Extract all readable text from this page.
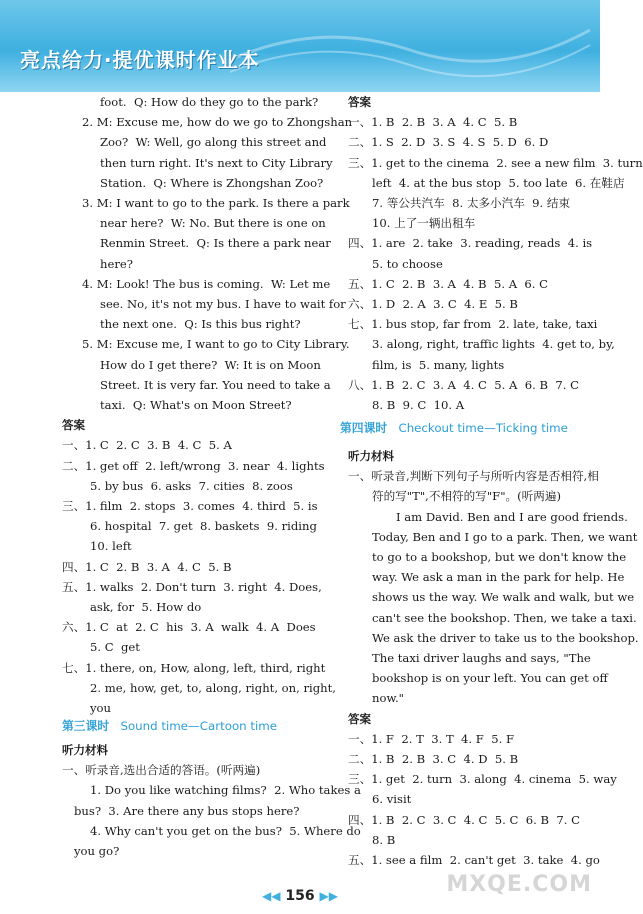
亮点给力·提优课时作业本
foot.  Q: How do they go to the park?
2. M: Excuse me, how do we go to Zhongshan
Zoo?  W: Well, go along this street and
then turn right. It's next to City Library
Station.  Q: Where is Zhongshan Zoo?
3. M: I want to go to the park. Is there a park
near here?  W: No. But there is one on
Renmin Street.  Q: Is there a park near
here?
4. M: Look! The bus is coming.  W: Let me
see. No, it's not my bus. I have to wait for
the next one.  Q: Is this bus right?
5. M: Excuse me, I want to go to City Library.
How do I get there?  W: It is on Moon
Street. It is very far. You need to take a
taxi.  Q: What's on Moon Street?
答案
一、1. C  2. C  3. B  4. C  5. A
二、1. get off  2. left/wrong  3. near  4. lights
5. by bus  6. asks  7. cities  8. zoos
三、1. film  2. stops  3. comes  4. third  5. is
6. hospital  7. get  8. baskets  9. riding
10. left
四、1. C  2. B  3. A  4. C  5. B
五、1. walks  2. Don't turn  3. right  4. Does,
ask, for  5. How do
六、1. C  at  2. C  his  3. A  walk  4. A  Does
5. C  get
七、1. there, on, How, along, left, third, right
2. me, how, get, to, along, right, on, right,
you
第三课时 Sound time—Cartoon time
听力材料
一、听录音,选出合适的答语。(听两遍)
1. Do you like watching films?  2. Who takes a
bus?  3. Are there any bus stops here?
4. Why can't you get on the bus?  5. Where do
you go?
答案
一、1. B  2. B  3. A  4. C  5. B
二、1. S  2. D  3. S  4. S  5. D  6. D
三、1. get to the cinema  2. see a new film  3. turn
left  4. at the bus stop  5. too late  6. 在鞋店
7. 等公共汽车  8. 太多小汽车  9. 结束
10. 上了一辆出租车
四、1. are  2. take  3. reading, reads  4. is
5. to choose
五、1. C  2. B  3. A  4. B  5. A  6. C
六、1. D  2. A  3. C  4. E  5. B
七、1. bus stop, far from  2. late, take, taxi
3. along, right, traffic lights  4. get to, by,
film, is  5. many, lights
八、1. B  2. C  3. A  4. C  5. A  6. B  7. C
8. B  9. C  10. A
第四课时 Checkout time—Ticking time
听力材料
一、听录音,判断下列句子与所听内容是否相符,相
符的写"T",不相符的写"F"。(听两遍)
I am David. Ben and I are good friends.
Today, Ben and I go to a park. Then, we want
to go to a bookshop, but we don't know the
way. We ask a man in the park for help. He
shows us the way. We walk and walk, but we
can't see the bookshop. Then, we take a taxi.
We ask the driver to take us to the bookshop.
The taxi driver laughs and says, "The
bookshop is on your left. You can get off
now."
答案
一、1. F  2. T  3. T  4. F  5. F
二、1. B  2. B  3. C  4. D  5. B
三、1. get  2. turn  3. along  4. cinema  5. way
6. visit
四、1. B  2. C  3. C  4. C  5. C  6. B  7. C
8. B
五、1. see a film  2. can't get  3. take  4. go
◀◀ 156 ▶▶	MXQE.COM
